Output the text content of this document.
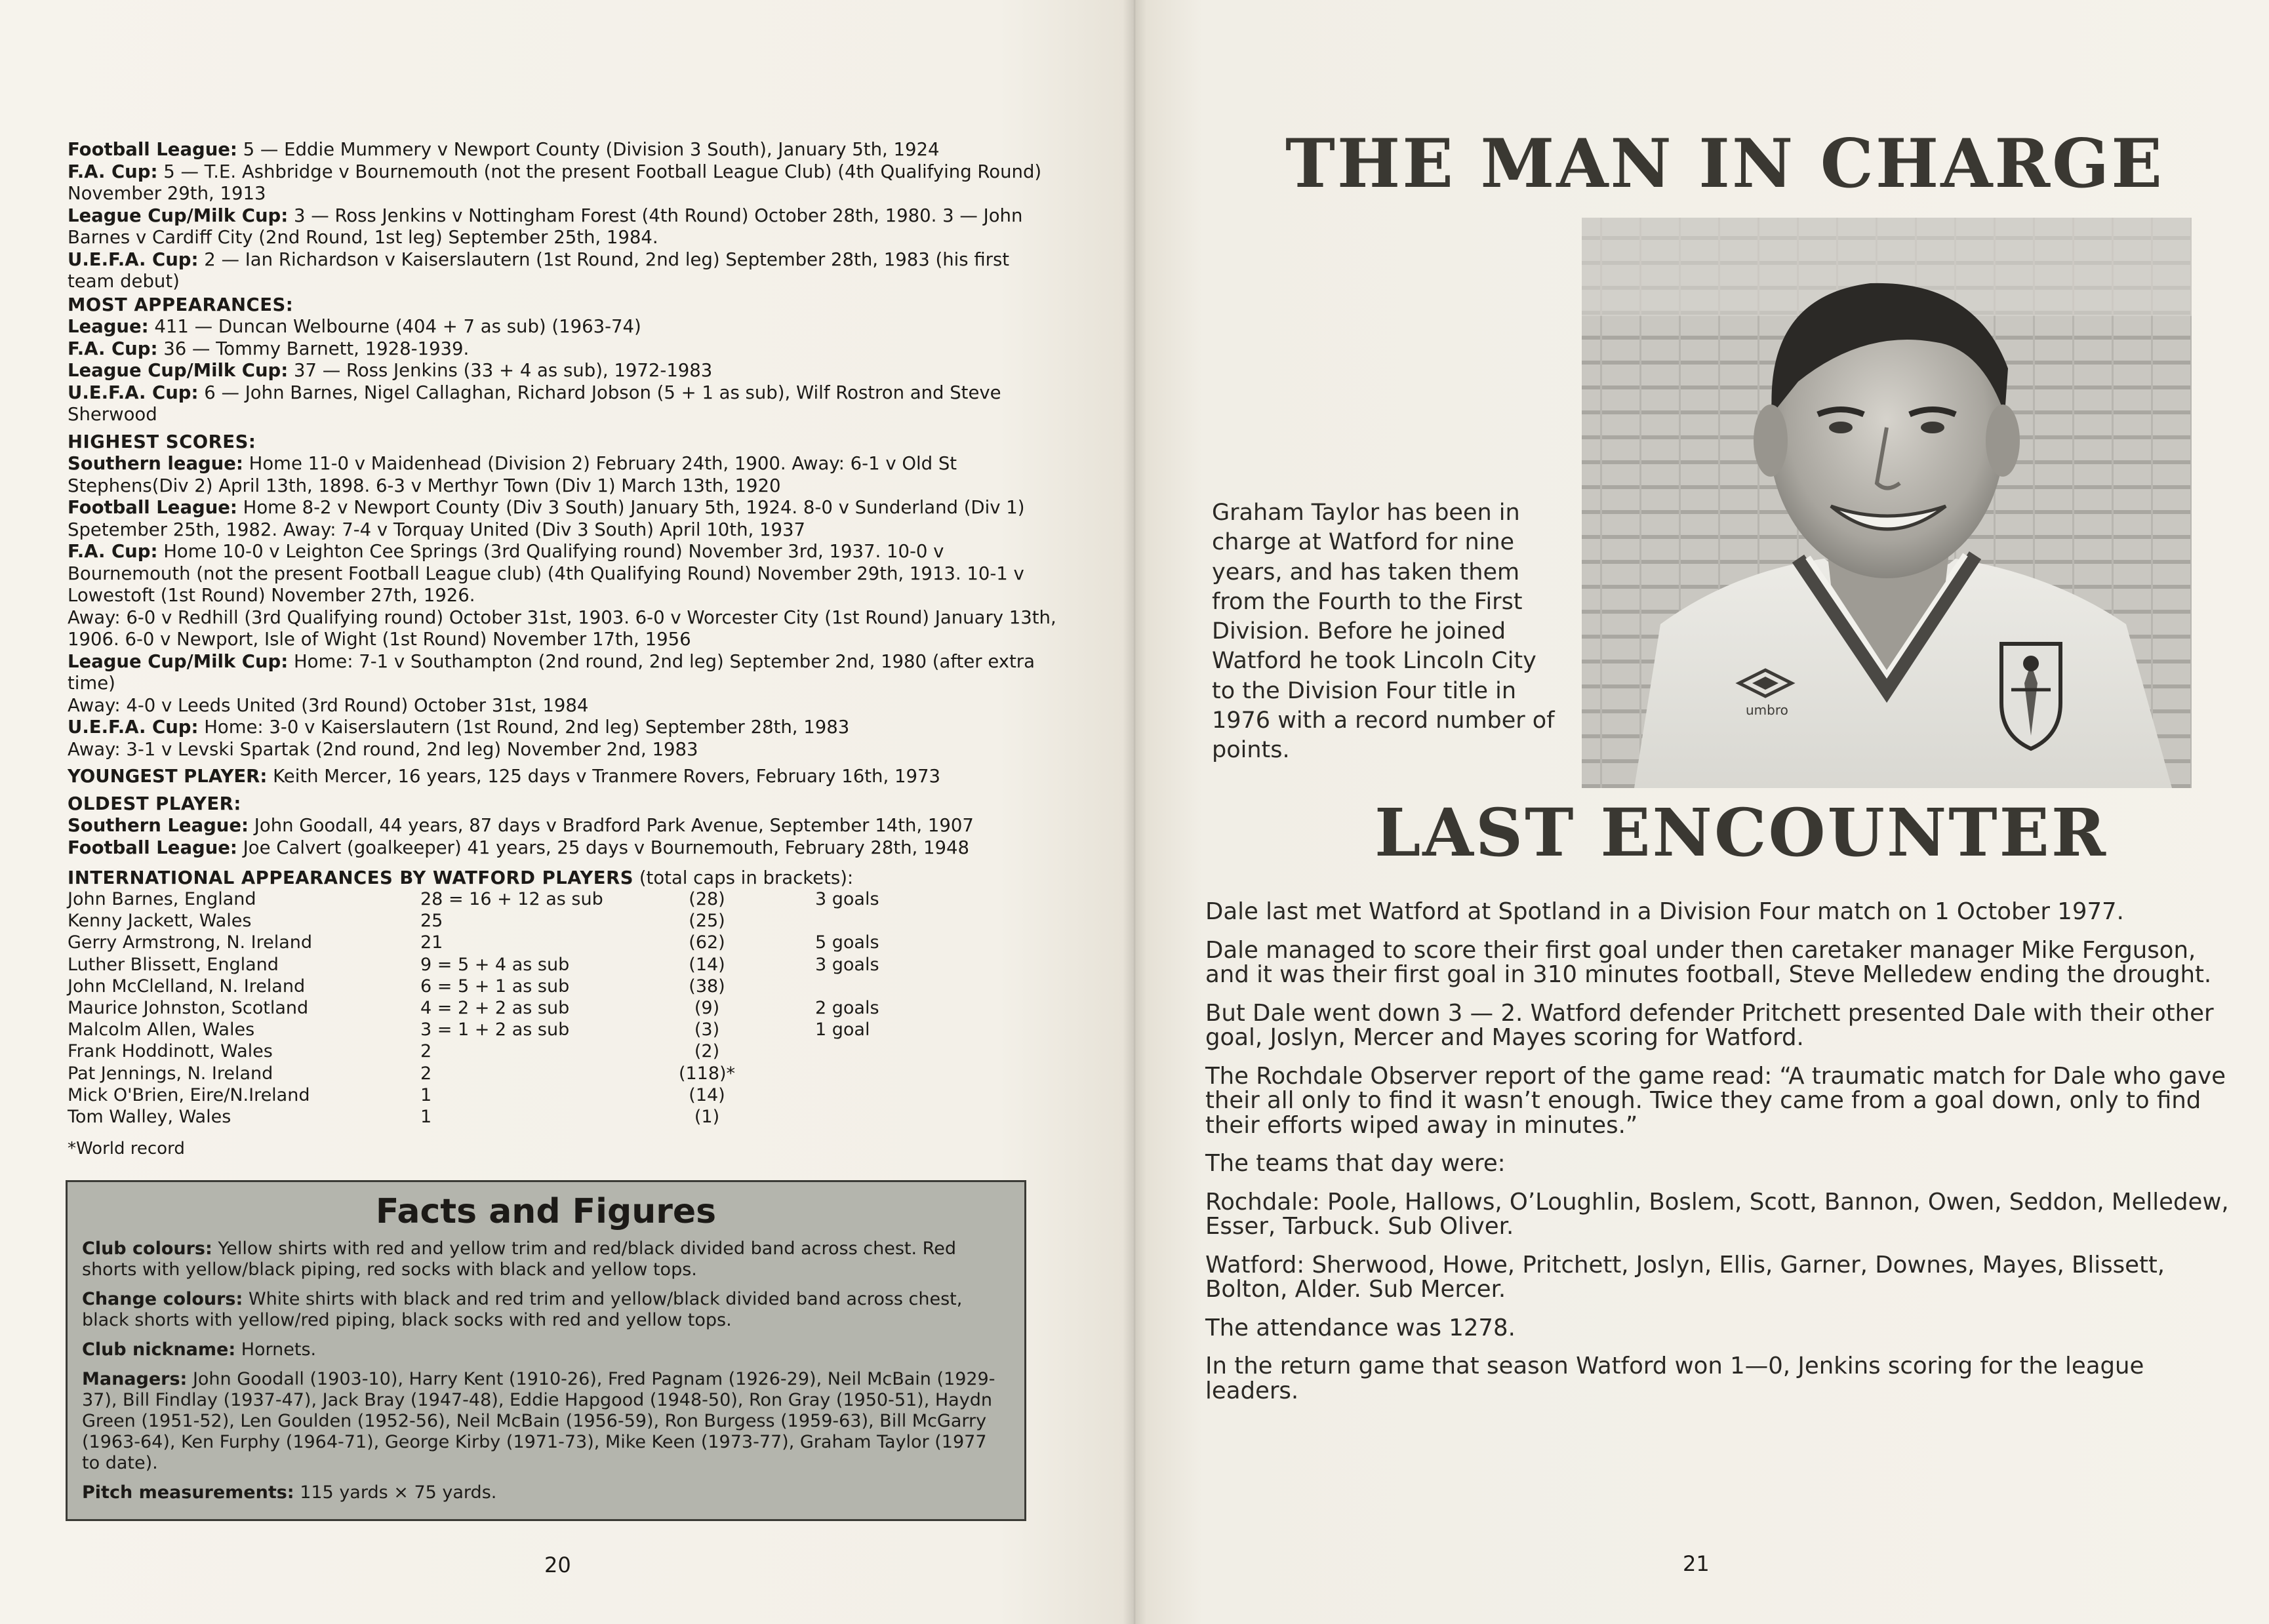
Football League: 5 — Eddie Mummery v Newport County (Division 3 South), January 5th, 1924

F.A. Cup: 5 — T.E. Ashbridge v Bournemouth (not the present Football League Club) (4th Qualifying Round) November 29th, 1913

League Cup/Milk Cup: 3 — Ross Jenkins v Nottingham Forest (4th Round) October 28th, 1980. 3 — John Barnes v Cardiff City (2nd Round, 1st leg) September 25th, 1984.

U.E.F.A. Cup: 2 — Ian Richardson v Kaiserslautern (1st Round, 2nd leg) September 28th, 1983 (his first team debut)

MOST APPEARANCES:

League: 411 — Duncan Welbourne (404 + 7 as sub) (1963-74)

F.A. Cup: 36 — Tommy Barnett, 1928-1939.

League Cup/Milk Cup: 37 — Ross Jenkins (33 + 4 as sub), 1972-1983

U.E.F.A. Cup: 6 — John Barnes, Nigel Callaghan, Richard Jobson (5 + 1 as sub), Wilf Rostron and Steve Sherwood

HIGHEST SCORES:

Southern league: Home 11-0 v Maidenhead (Division 2) February 24th, 1900. Away: 6-1 v Old St Stephens(Div 2) April 13th, 1898. 6-3 v Merthyr Town (Div 1) March 13th, 1920

Football League: Home 8-2 v Newport County (Div 3 South) January 5th, 1924. 8-0 v Sunderland (Div 1) Spetember 25th, 1982. Away: 7-4 v Torquay United (Div 3 South) April 10th, 1937

F.A. Cup: Home 10-0 v Leighton Cee Springs (3rd Qualifying round) November 3rd, 1937. 10-0 v Bournemouth (not the present Football League club) (4th Qualifying Round) November 29th, 1913. 10-1 v Lowestoft (1st Round) November 27th, 1926.

Away: 6-0 v Redhill (3rd Qualifying round) October 31st, 1903. 6-0 v Worcester City (1st Round) January 13th, 1906. 6-0 v Newport, Isle of Wight (1st Round) November 17th, 1956

League Cup/Milk Cup: Home: 7-1 v Southampton (2nd round, 2nd leg) September 2nd, 1980 (after extra time)

Away: 4-0 v Leeds United (3rd Round) October 31st, 1984

U.E.F.A. Cup: Home: 3-0 v Kaiserslautern (1st Round, 2nd leg) September 28th, 1983

Away: 3-1 v Levski Spartak (2nd round, 2nd leg) November 2nd, 1983

YOUNGEST PLAYER: Keith Mercer, 16 years, 125 days v Tranmere Rovers, February 16th, 1973

OLDEST PLAYER:

Southern League: John Goodall, 44 years, 87 days v Bradford Park Avenue, September 14th, 1907

Football League: Joe Calvert (goalkeeper) 41 years, 25 days v Bournemouth, February 28th, 1948

INTERNATIONAL APPEARANCES BY WATFORD PLAYERS (total caps in brackets):
John Barnes, England	28 = 16 + 12 as sub	(28)	3 goals
Kenny Jackett, Wales	25	(25)
Gerry Armstrong, N. Ireland	21	(62)	5 goals
Luther Blissett, England	9 = 5 + 4 as sub	(14)	3 goals
John McClelland, N. Ireland	6 = 5 + 1 as sub	(38)
Maurice Johnston, Scotland	4 = 2 + 2 as sub	(9)	2 goals
Malcolm Allen, Wales	3 = 1 + 2 as sub	(3)	1 goal
Frank Hoddinott, Wales	2	(2)
Pat Jennings, N. Ireland	2	(118)*
Mick O'Brien, Eire/N.Ireland	1	(14)
Tom Walley, Wales	1	(1)
*World record
Facts and Figures

Club colours: Yellow shirts with red and yellow trim and red/black divided band across chest. Red shorts with yellow/black piping, red socks with black and yellow tops.

Change colours: White shirts with black and red trim and yellow/black divided band across chest, black shorts with yellow/red piping, black socks with red and yellow tops.

Club nickname: Hornets.

Managers: John Goodall (1903-10), Harry Kent (1910-26), Fred Pagnam (1926-29), Neil McBain (1929-37), Bill Findlay (1937-47), Jack Bray (1947-48), Eddie Hapgood (1948-50), Ron Gray (1950-51), Haydn Green (1951-52), Len Goulden (1952-56), Neil McBain (1956-59), Ron Burgess (1959-63), Bill McGarry (1963-64), Ken Furphy (1964-71), George Kirby (1971-73), Mike Keen (1973-77), Graham Taylor (1977 to date).

Pitch measurements: 115 yards × 75 yards.

20
THE MAN IN CHARGE
umbro
Graham Taylor has been in charge at Watford for nine years, and has taken them from the Fourth to the First Division. Before he joined Watford he took Lincoln City to the Division Four title in 1976 with a record number of points.
LAST ENCOUNTER

Dale last met Watford at Spotland in a Division Four match on 1 October 1977.

Dale managed to score their first goal under then caretaker manager Mike Ferguson, and it was their first goal in 310 minutes football, Steve Melledew ending the drought.

But Dale went down 3 — 2. Watford defender Pritchett presented Dale with their other goal, Joslyn, Mercer and Mayes scoring for Watford.

The Rochdale Observer report of the game read: “A traumatic match for Dale who gave their all only to find it wasn’t enough. Twice they came from a goal down, only to find their efforts wiped away in minutes.”

The teams that day were:

Rochdale: Poole, Hallows, O’Loughlin, Boslem, Scott, Bannon, Owen, Seddon, Melledew, Esser, Tarbuck. Sub Oliver.

Watford: Sherwood, Howe, Pritchett, Joslyn, Ellis, Garner, Downes, Mayes, Blissett, Bolton, Alder. Sub Mercer.

The attendance was 1278.

In the return game that season Watford won 1—0, Jenkins scoring for the league leaders.

21
